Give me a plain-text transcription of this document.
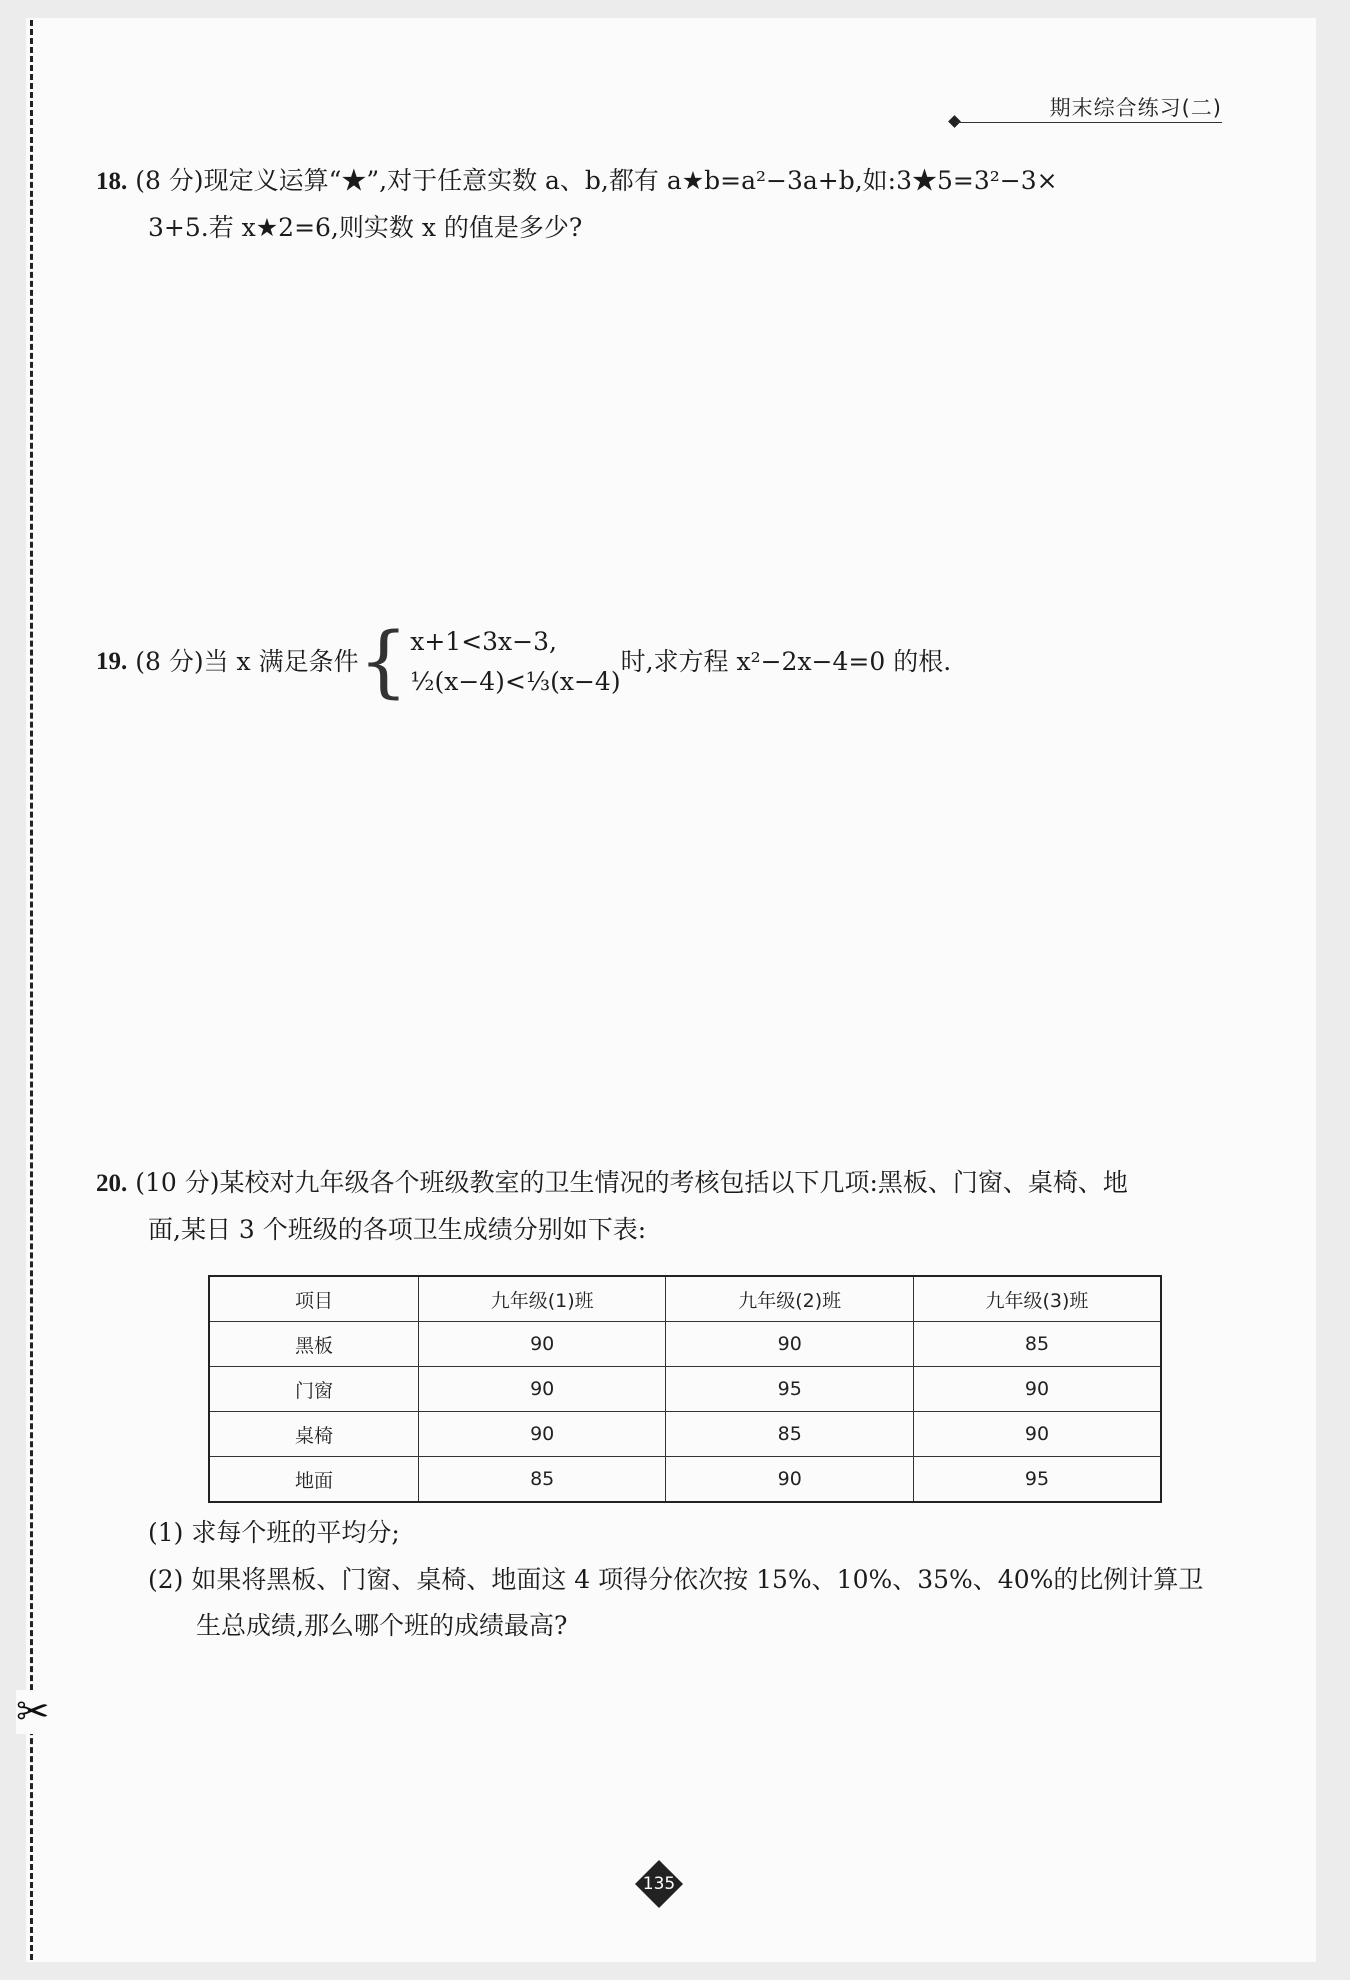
✂
期末综合练习(二)
18. (8 分)现定义运算“★”,对于任意实数 a、b,都有 a★b=a²−3a+b,如:3★5=3²−3×
3+5.若 x★2=6,则实数 x 的值是多少?
19. (8 分)当 x 满足条件 { x+1<3x−3,
½(x−4)<⅓(x−4)
时,求方程 x²−2x−4=0 的根.
20. (10 分)某校对九年级各个班级教室的卫生情况的考核包括以下几项:黑板、门窗、桌椅、地
面,某日 3 个班级的各项卫生成绩分别如下表:
项目	九年级(1)班	九年级(2)班	九年级(3)班
黑板	90	90	85
门窗	90	95	90
桌椅	90	85	90
地面	85	90	95
(1) 求每个班的平均分;
(2) 如果将黑板、门窗、桌椅、地面这 4 项得分依次按 15%、10%、35%、40%的比例计算卫
生总成绩,那么哪个班的成绩最高?
135
